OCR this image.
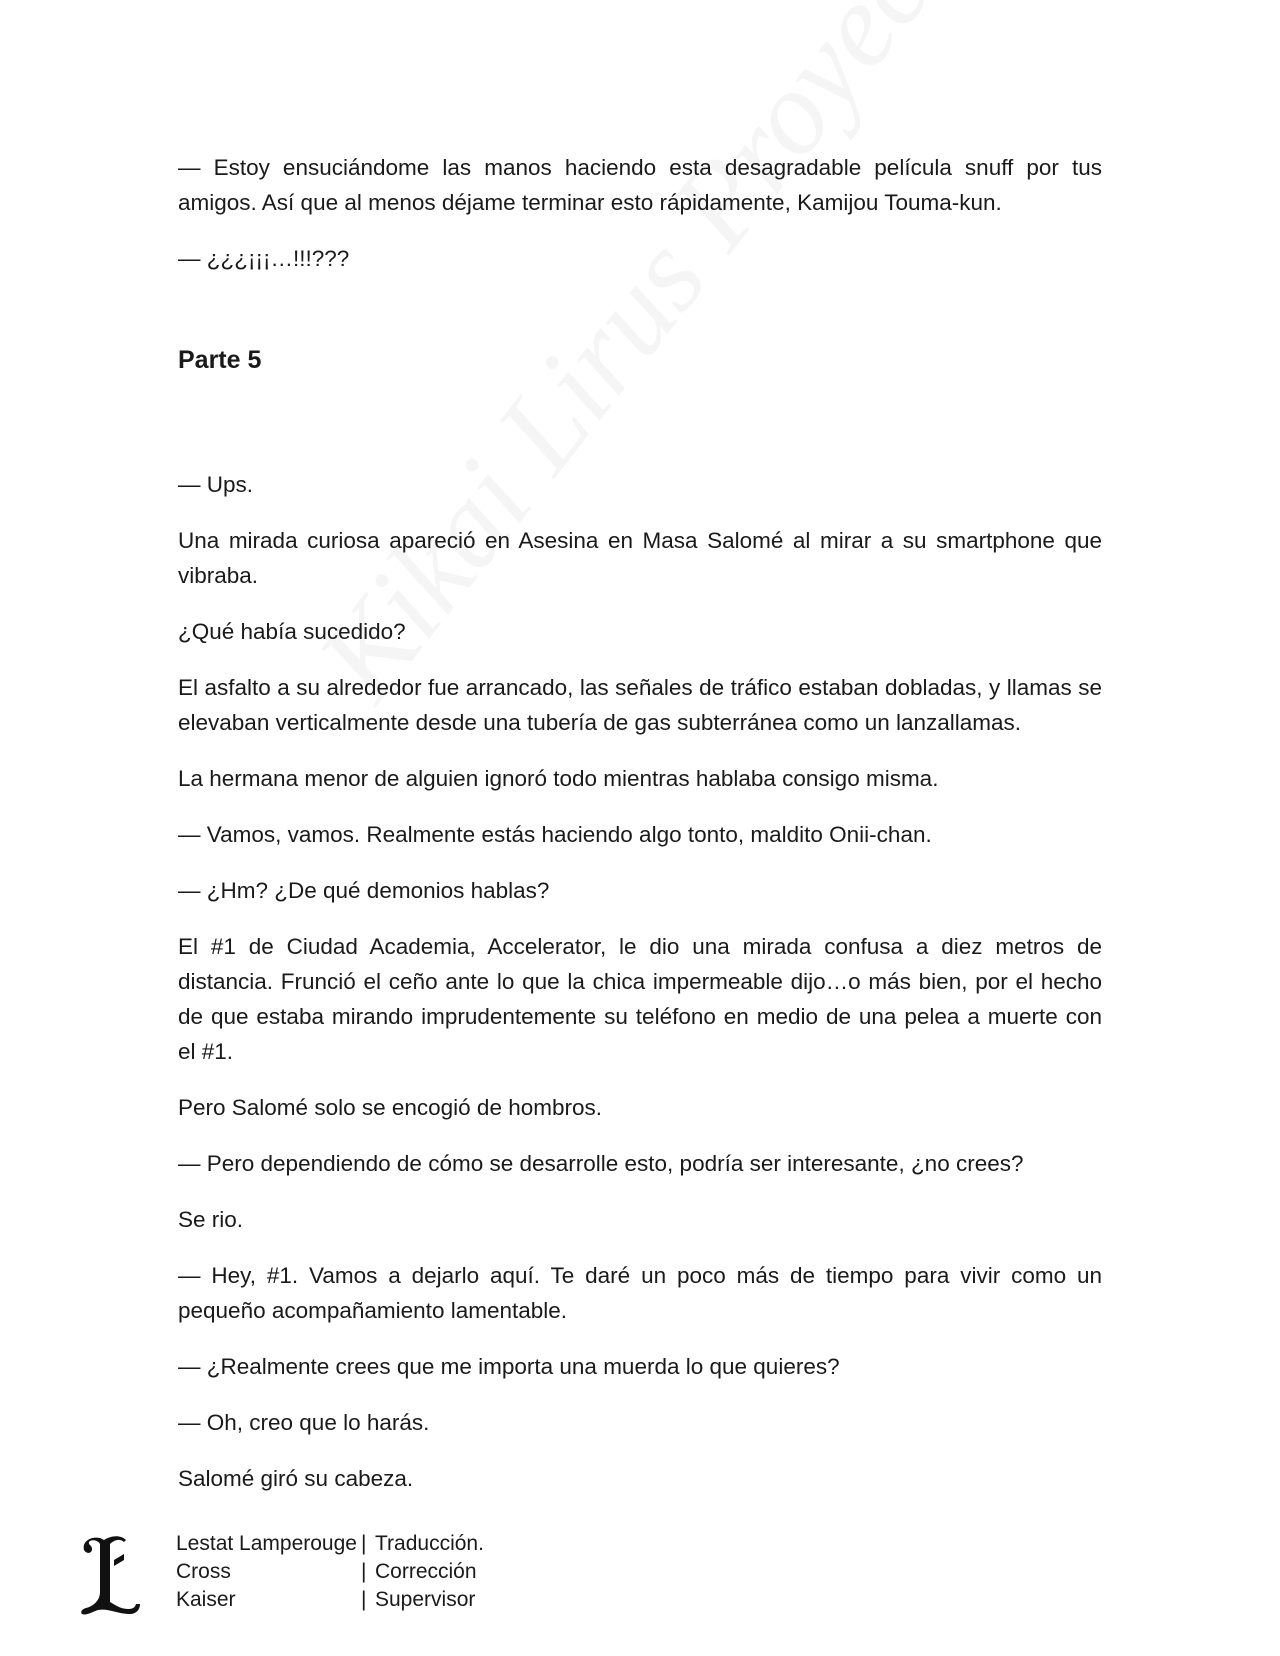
— Estoy ensuciándome las manos haciendo esta desagradable película snuff por tus amigos. Así que al menos déjame terminar esto rápidamente, Kamijou Touma-kun.

— ¿¿¿¡¡¡…!!!???

Parte 5

— Ups.

Una mirada curiosa apareció en Asesina en Masa Salomé al mirar a su smartphone que vibraba.

¿Qué había sucedido?

El asfalto a su alrededor fue arrancado, las señales de tráfico estaban dobladas, y llamas se elevaban verticalmente desde una tubería de gas subterránea como un lanzallamas.

La hermana menor de alguien ignoró todo mientras hablaba consigo misma.

— Vamos, vamos. Realmente estás haciendo algo tonto, maldito Onii-chan.

— ¿Hm? ¿De qué demonios hablas?

El #1 de Ciudad Academia, Accelerator, le dio una mirada confusa a diez metros de distancia. Frunció el ceño ante lo que la chica impermeable dijo…o más bien, por el hecho de que estaba mirando imprudentemente su teléfono en medio de una pelea a muerte con el #1.

Pero Salomé solo se encogió de hombros.

— Pero dependiendo de cómo se desarrolle esto, podría ser interesante, ¿no crees?

Se rio.

— Hey, #1. Vamos a dejarlo aquí. Te daré un poco más de tiempo para vivir como un pequeño acompañamiento lamentable.

— ¿Realmente crees que me importa una muerda lo que quieres?

— Oh, creo que lo harás.

Salomé giró su cabeza.

Lestat Lamperouge | Traducción.
Cross	| Corrección
Kaiser	| Supervisor
